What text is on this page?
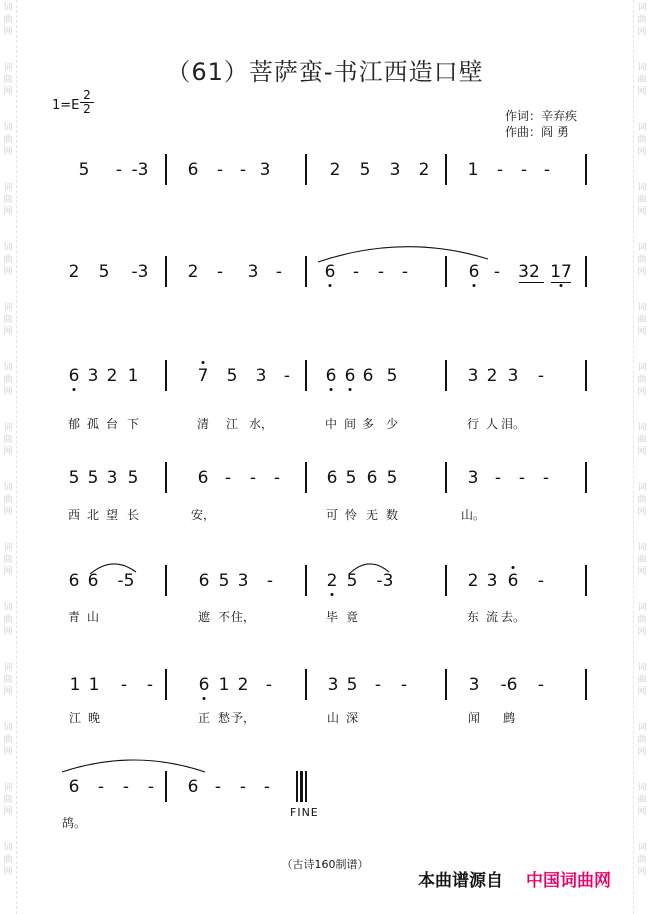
词
曲
网
词
曲
网
词
曲
网
词
曲
网
词
曲
网
词
曲
网
词
曲
网
词
曲
网
词
曲
网
词
曲
网
词
曲
网
词
曲
网
词
曲
网
词
曲
网
词
曲
网
词
曲
网
词
曲
网
词
曲
网
词
曲
网
词
曲
网
词
曲
网
词
曲
网
词
曲
网
词
曲
网
词
曲
网
词
曲
网
词
曲
网
词
曲
网
词
曲
网
词
曲
网
（61）菩萨蛮-书江西造口壁
$1=E \frac{2}{2}$	作词：辛弃疾
作曲：阎 勇
5 - -3 6 - - 3	2 5 3 2 1 - - -
2 5 -3 2 - 3 -	6 - - -	6 - 32 17
6 3 2 1	7 5 3 - 6 6 6 5	3 2 3 -
郁 孤 台 下	清 江 水，	中 间 多 少	行 人 泪。
5 5 3 5	6 - - -	6 5 6 5	3 - - -
西 北 望 长	安，	可 怜 无 数	山。
6 6 -5	6 5 3 -	2 5 -3	2 3 6 -
青 山	遮 不 住，	毕 竟	东 流 去。
1 1 - -	6 1 2 -	3 5 - -	3 -6 -
江 晚	正 愁 予，	山 深	闻 鹧
6 - - - 6 - - -
鸪。
FINE
（古诗160制谱）
本曲谱源自 中国词曲网
